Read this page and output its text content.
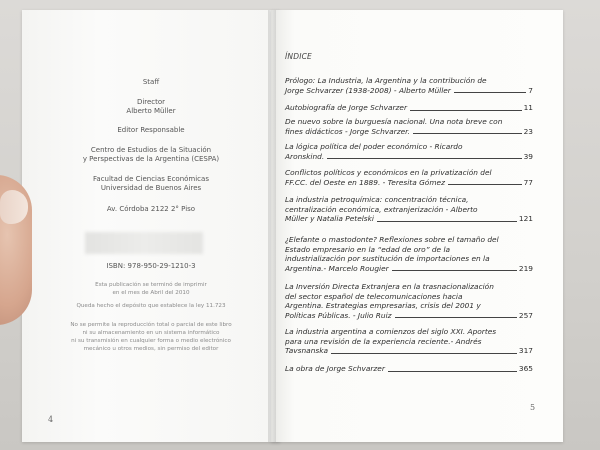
Staff
Director
Alberto Müller
Editor Responsable
Centro de Estudios de la Situación
y Perspectivas de la Argentina (CESPA)
Facultad de Ciencias Económicas
Universidad de Buenos Aires
Av. Córdoba 2122 2° Piso
ISBN: 978-950-29-1210-3
Esta publicación se terminó de imprimir
en el mes de Abril del 2010
Queda hecho el depósito que establece la ley 11.723
No se permite la reproducción total o parcial de este libro
ni su almacenamiento en un sistema informático
ni su transmisión en cualquier forma o medio electrónico
mecánico u otros medios, sin permiso del editor
4
ÍNDICE
Prólogo: La Industria, la Argentina y la contribución de
Jorge Schvarzer (1938-2008) - Alberto Müller	7
Autobiografía de Jorge Schvarzer	11
De nuevo sobre la burguesía nacional. Una nota breve con
fines didácticos - Jorge Schvarzer.	23
La lógica política del poder económico - Ricardo
Aronskind.	39
Conflictos políticos y económicos en la privatización del
FF.CC. del Oeste en 1889. - Teresita Gómez	77
La industria petroquímica: concentración técnica,
centralización económica, extranjerización - Alberto
Müller y Natalia Petelski	121
¿Elefante o mastodonte? Reflexiones sobre el tamaño del
Estado empresario en la “edad de oro” de la
industrialización por sustitución de importaciones en la
Argentina.- Marcelo Rougier	219
La Inversión Directa Extranjera en la trasnacionalización
del sector español de telecomunicaciones hacia
Argentina. Estrategias empresarias, crisis del 2001 y
Políticas Públicas. - Julio Ruiz	257
La industria argentina a comienzos del siglo XXI. Aportes
para una revisión de la experiencia reciente.- Andrés
Tavsnanska	317
La obra de Jorge Schvarzer	365
5
